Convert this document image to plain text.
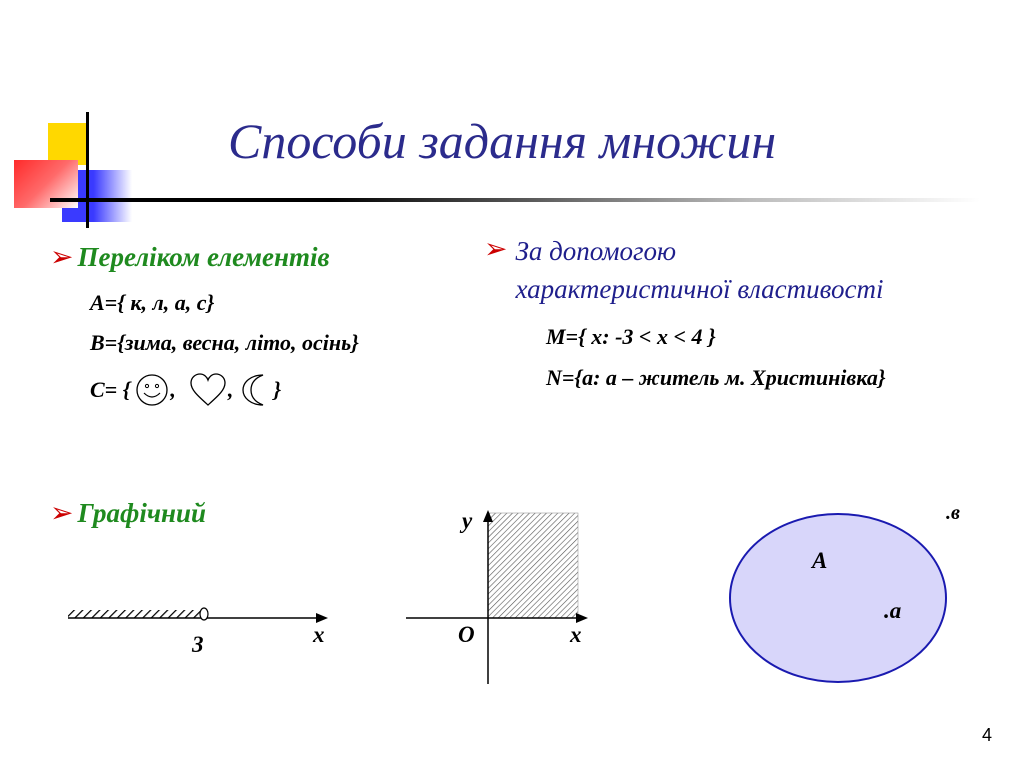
Способи задання множин
➢ Переліком елементів
А={ к, л, а, с}
В={зима, весна, літо, осінь}
С= { , , }
➢ За допомогою
характеристичної властивості
M={ x: -3 < x < 4 }
N={a: a – житель м. Христинівка}
➢ Графічний
3	x
y
O	x
A
.a
.в
4
